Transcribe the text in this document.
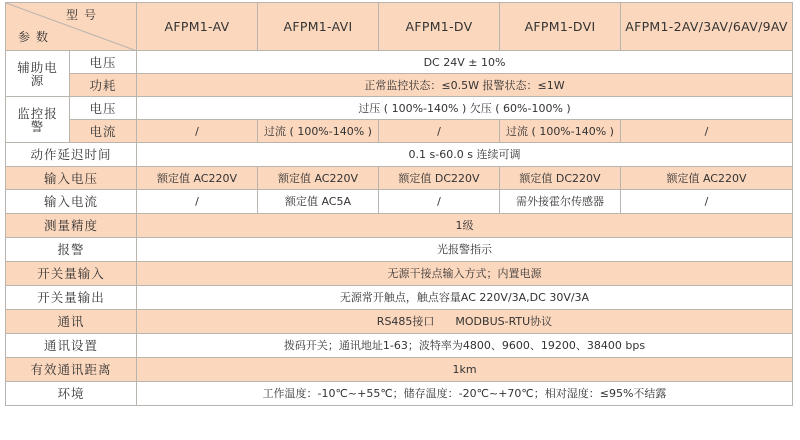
型号
参数		AFPM1-AV	AFPM1-AVI	AFPM1-DV	AFPM1-DVI	AFPM1-2AV/3AV/6AV/9AV
辅助电源	电压	DC 24V ± 10%				
	功耗	正常监控状态：≤0.5W 报警状态：≤1W				
监控报警	电压	过压 ( 100%-140% ) 欠压 ( 60%-100% )				
	电流	/	过流 ( 100%-140% )	/	过流 ( 100%-140% )	/
动作延迟时间		0.1 s-60.0 s 连续可调				
输入电压		额定值 AC220V	额定值 AC220V	额定值 DC220V	额定值 DC220V	额定值 AC220V
输入电流		/	额定值 AC5A	/	需外接霍尔传感器	/
测量精度		1级				
报警		光报警指示				
开关量输入		无源干接点输入方式；内置电源				
开关量输出		无源常开触点，触点容量AC 220V/3A,DC 30V/3A				
通讯		RS485接口      MODBUS-RTU协议				
通讯设置		拨码开关；通讯地址1-63；波特率为4800、9600、19200、38400 bps				
有效通讯距离		1km				
环境		工作温度：-10℃~+55℃；储存温度：-20℃~+70℃；相对湿度：≤95%不结露				
